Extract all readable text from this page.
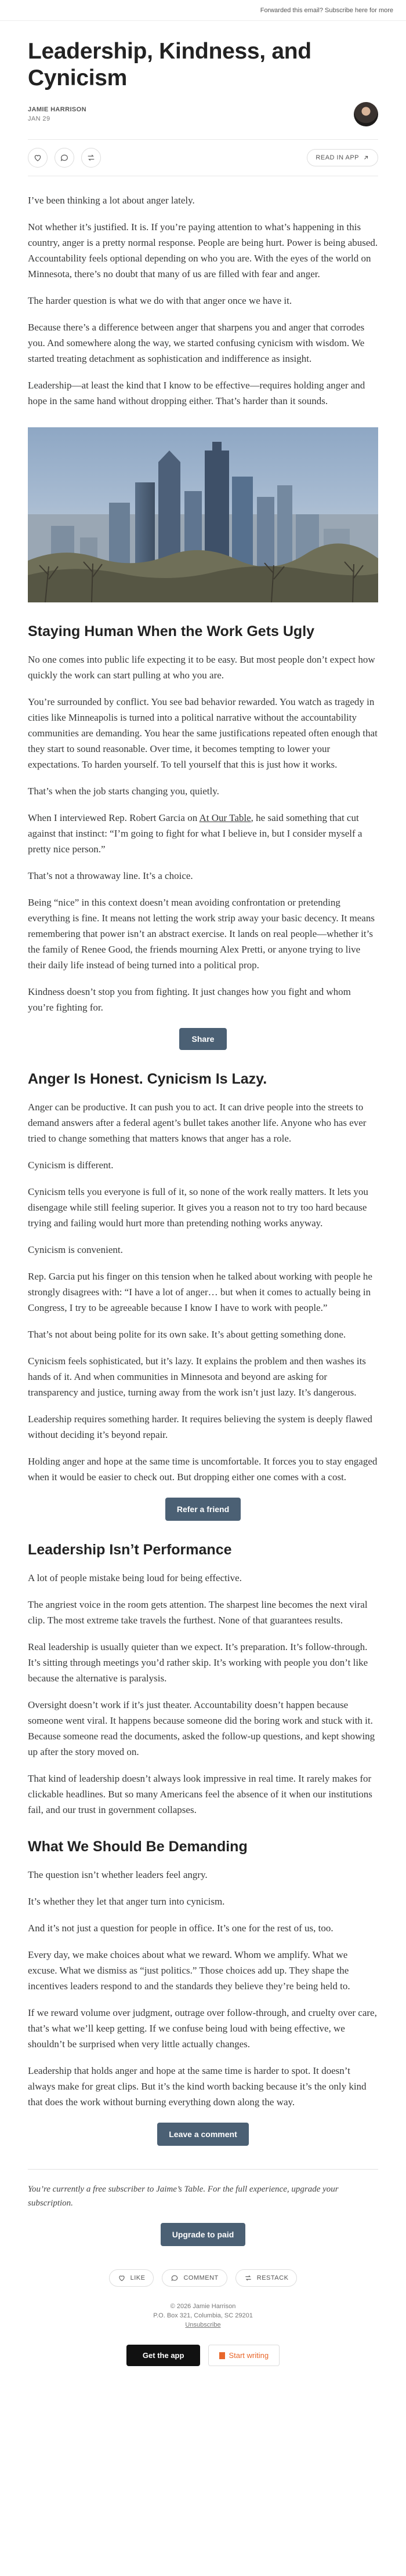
Forwarded this email? Subscribe here for more
Leadership, Kindness, and Cynicism
JAMIE HARRISON
JAN 29
READ IN APP

I’ve been thinking a lot about anger lately.

Not whether it’s justified. It is. If you’re paying attention to what’s happening in this country, anger is a pretty normal response. People are being hurt. Power is being abused. Accountability feels optional depending on who you are. With the eyes of the world on Minnesota, there’s no doubt that many of us are filled with fear and anger.

The harder question is what we do with that anger once we have it.

Because there’s a difference between anger that sharpens you and anger that corrodes you. And somewhere along the way, we started confusing cynicism with wisdom. We started treating detachment as sophistication and indifference as insight.

Leadership—at least the kind that I know to be effective—requires holding anger and hope in the same hand without dropping either. That’s harder than it sounds.

Staying Human When the Work Gets Ugly

No one comes into public life expecting it to be easy. But most people don’t expect how quickly the work can start pulling at who you are.

You’re surrounded by conflict. You see bad behavior rewarded. You watch as tragedy in cities like Minneapolis is turned into a political narrative without the accountability communities are demanding. You hear the same justifications repeated often enough that they start to sound reasonable. Over time, it becomes tempting to lower your expectations. To harden yourself. To tell yourself that this is just how it works.

That’s when the job starts changing you, quietly.

When I interviewed Rep. Robert Garcia on At Our Table, he said something that cut against that instinct: “I’m going to fight for what I believe in, but I consider myself a pretty nice person.”

That’s not a throwaway line. It’s a choice.

Being “nice” in this context doesn’t mean avoiding confrontation or pretending everything is fine. It means not letting the work strip away your basic decency. It means remembering that power isn’t an abstract exercise. It lands on real people—whether it’s the family of Renee Good, the friends mourning Alex Pretti, or anyone trying to live their daily life instead of being turned into a political prop.

Kindness doesn’t stop you from fighting. It just changes how you fight and whom you’re fighting for.

Share
Anger Is Honest. Cynicism Is Lazy.

Anger can be productive. It can push you to act. It can drive people into the streets to demand answers after a federal agent’s bullet takes another life. Anyone who has ever tried to change something that matters knows that anger has a role.

Cynicism is different.

Cynicism tells you everyone is full of it, so none of the work really matters. It lets you disengage while still feeling superior. It gives you a reason not to try too hard because trying and failing would hurt more than pretending nothing works anyway.

Cynicism is convenient.

Rep. Garcia put his finger on this tension when he talked about working with people he strongly disagrees with: “I have a lot of anger… but when it comes to actually being in Congress, I try to be agreeable because I know I have to work with people.”

That’s not about being polite for its own sake. It’s about getting something done.

Cynicism feels sophisticated, but it’s lazy. It explains the problem and then washes its hands of it. And when communities in Minnesota and beyond are asking for transparency and justice, turning away from the work isn’t just lazy. It’s dangerous.

Leadership requires something harder. It requires believing the system is deeply flawed without deciding it’s beyond repair.

Holding anger and hope at the same time is uncomfortable. It forces you to stay engaged when it would be easier to check out. But dropping either one comes with a cost.

Refer a friend
Leadership Isn’t Performance

A lot of people mistake being loud for being effective.

The angriest voice in the room gets attention. The sharpest line becomes the next viral clip. The most extreme take travels the furthest. None of that guarantees results.

Real leadership is usually quieter than we expect. It’s preparation. It’s follow-through. It’s sitting through meetings you’d rather skip. It’s working with people you don’t like because the alternative is paralysis.

Oversight doesn’t work if it’s just theater. Accountability doesn’t happen because someone went viral. It happens because someone did the boring work and stuck with it. Because someone read the documents, asked the follow-up questions, and kept showing up after the story moved on.

That kind of leadership doesn’t always look impressive in real time. It rarely makes for clickable headlines. But so many Americans feel the absence of it when our institutions fail, and our trust in government collapses.

What We Should Be Demanding

The question isn’t whether leaders feel angry.

It’s whether they let that anger turn into cynicism.

And it’s not just a question for people in office. It’s one for the rest of us, too.

Every day, we make choices about what we reward. Whom we amplify. What we excuse. What we dismiss as “just politics.” Those choices add up. They shape the incentives leaders respond to and the standards they believe they’re being held to.

If we reward volume over judgment, outrage over follow-through, and cruelty over care, that’s what we’ll keep getting. If we confuse being loud with being effective, we shouldn’t be surprised when very little actually changes.

Leadership that holds anger and hope at the same time is harder to spot. It doesn’t always make for great clips. But it’s the kind worth backing because it’s the only kind that does the work without burning everything down along the way.

Leave a comment

You’re currently a free subscriber to Jaime’s Table. For the full experience, upgrade your subscription.

Upgrade to paid
LIKE	COMMENT	RESTACK
© 2026 Jamie Harrison
P.O. Box 321, Columbia, SC 29201
Unsubscribe
Get the app	Start writing
